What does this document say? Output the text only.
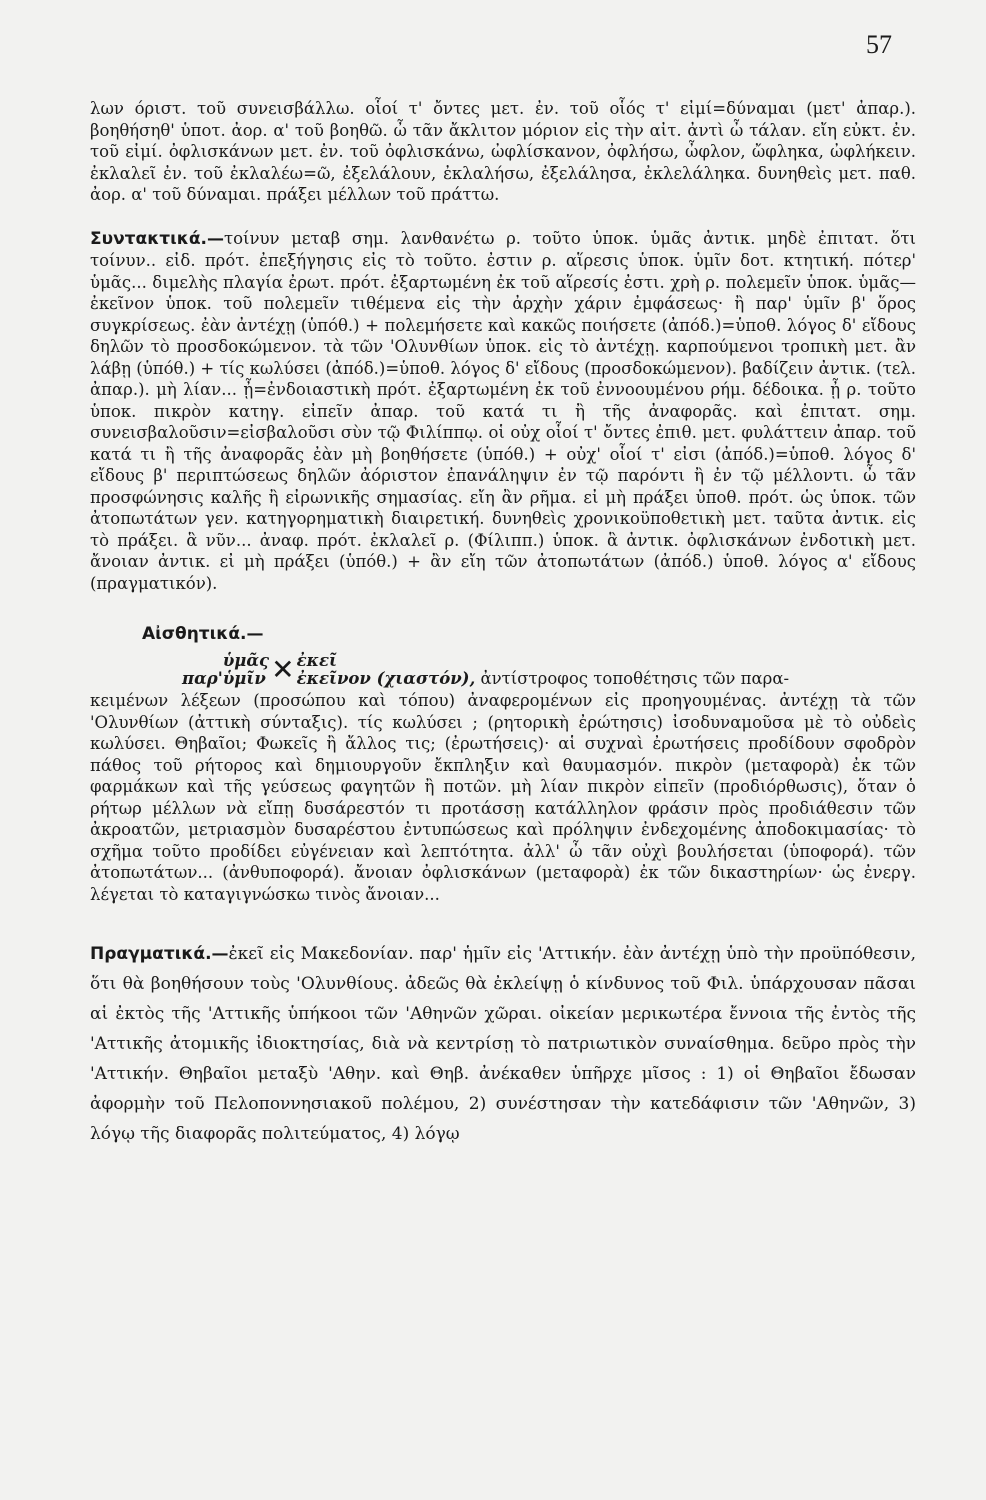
57

λων όριστ. τοῦ συνεισβάλλω. οἷοί τ' ὄντες μετ. ἐν. τοῦ οἷός τ' εἰμί=δύναμαι (μετ' ἀπαρ.). βοηθήσηθ' ὑποτ. ἀορ. α' τοῦ βοηθῶ. ὦ τᾶν ἄκλιτον μόριον εἰς τὴν αἰτ. ἀντὶ ὦ τάλαν. εἴη εὐκτ. ἐν. τοῦ εἰμί. ὀφλισκάνων μετ. ἐν. τοῦ ὀφλισκάνω, ὠφλίσκανον, ὀφλήσω, ὦφλον, ὤφληκα, ὠφλήκειν. ἐκλαλεῖ ἐν. τοῦ ἐκλαλέω=ῶ, ἐξελάλουν, ἐκλαλήσω, ἐξελάλησα, ἐκλελάληκα. δυνηθεὶς μετ. παθ. ἀορ. α' τοῦ δύναμαι. πράξει μέλλων τοῦ πράττω.

Συντακτικά.—τοίνυν μεταβ σημ. λανθανέτω ρ. τοῦτο ὑποκ. ὑμᾶς ἀντικ. μηδὲ ἐπιτατ. ὅτι τοίνυν.. εἰδ. πρότ. ἐπεξήγησις εἰς τὸ τοῦτο. ἐστιν ρ. αἵρεσις ὑποκ. ὑμῖν δοτ. κτητική. πότερ' ὑμᾶς... διμελὴς πλαγία ἐρωτ. πρότ. ἐξαρτωμένη ἐκ τοῦ αἵρεσίς ἐστι. χρὴ ρ. πολεμεῖν ὑποκ. ὑμᾶς—ἐκεῖνον ὑποκ. τοῦ πολεμεῖν τιθέμενα εἰς τὴν ἀρχὴν χάριν ἐμφάσεως· ἢ παρ' ὑμῖν β' ὅρος συγκρίσεως. ἐὰν ἀντέχῃ (ὑπόθ.) + πολεμήσετε καὶ κακῶς ποιήσετε (ἀπόδ.)=ὑποθ. λόγος δ' εἴδους δηλῶν τὸ προσδοκώμενον. τὰ τῶν 'Ολυνθίων ὑποκ. εἰς τὸ ἀντέχῃ. καρπούμενοι τροπικὴ μετ. ἂν λάβῃ (ὑπόθ.) + τίς κωλύσει (ἀπόδ.)=ὑποθ. λόγος δ' εἴδους (προσδοκώμενον). βαδίζειν ἀντικ. (τελ. ἀπαρ.). μὴ λίαν... ᾖ=ἐνδοιαστικὴ πρότ. ἐξαρτωμένη ἐκ τοῦ ἐννοουμένου ρήμ. δέδοικα. ᾖ ρ. τοῦτο ὑποκ. πικρὸν κατηγ. εἰπεῖν ἀπαρ. τοῦ κατά τι ἢ τῆς ἀναφορᾶς. καὶ ἐπιτατ. σημ. συνεισβαλοῦσιν=εἰσβαλοῦσι σὺν τῷ Φιλίππῳ. οἱ οὐχ οἷοί τ' ὄντες ἐπιθ. μετ. φυλάττειν ἀπαρ. τοῦ κατά τι ἢ τῆς ἀναφορᾶς ἐὰν μὴ βοηθήσετε (ὑπόθ.) + οὐχ' οἷοί τ' εἰσι (ἀπόδ.)=ὑποθ. λόγος δ' εἴδους β' περιπτώσεως δηλῶν ἀόριστον ἐπανάληψιν ἐν τῷ παρόντι ἢ ἐν τῷ μέλλοντι. ὦ τᾶν προσφώνησις καλῆς ἢ εἰρωνικῆς σημασίας. εἴη ἂν ρῆμα. εἰ μὴ πράξει ὑποθ. πρότ. ὡς ὑποκ. τῶν ἀτοπωτάτων γεν. κατηγορηματικὴ διαιρετική. δυνηθεὶς χρονικοϋποθετικὴ μετ. ταῦτα ἀντικ. εἰς τὸ πράξει. ἃ νῦν... ἀναφ. πρότ. ἐκλαλεῖ ρ. (Φίλιππ.) ὑποκ. ἃ ἀντικ. ὀφλισκάνων ἐνδοτικὴ μετ. ἄνοιαν ἀντικ. εἰ μὴ πράξει (ὑπόθ.) + ἂν εἴη τῶν ἀτοπωτάτων (ἀπόδ.) ὑποθ. λόγος α' εἴδους (πραγματικόν).

Αἰσθητικά.—
παρ'
ὑμᾶς
ὑμῖν ✕ ἐκεῖ
ἐκεῖνον (χιαστόν), ἀντίστροφος τοποθέτησις τῶν παρα-

κειμένων λέξεων (προσώπου καὶ τόπου) ἀναφερομένων εἰς προηγουμένας. ἀντέχῃ τὰ τῶν 'Ολυνθίων (ἀττικὴ σύνταξις). τίς κωλύσει ; (ρητορικὴ ἐρώτησις) ἰσοδυναμοῦσα μὲ τὸ οὐδεὶς κωλύσει. Θηβαῖοι; Φωκεῖς ἢ ἄλλος τις; (ἐρωτήσεις)· αἱ συχναὶ ἐρωτήσεις προδίδουν σφοδρὸν πάθος τοῦ ρήτορος καὶ δημιουργοῦν ἔκπληξιν καὶ θαυμασμόν. πικρὸν (μεταφορὰ) ἐκ τῶν φαρμάκων καὶ τῆς γεύσεως φαγητῶν ἢ ποτῶν. μὴ λίαν πικρὸν εἰπεῖν (προδιόρθωσις), ὅταν ὁ ρήτωρ μέλλων νὰ εἴπῃ δυσάρεστόν τι προτάσσῃ κατάλληλον φράσιν πρὸς προδιάθεσιν τῶν ἀκροατῶν, μετριασμὸν δυσαρέστου ἐντυπώσεως καὶ πρόληψιν ἐνδεχομένης ἀποδοκιμασίας· τὸ σχῆμα τοῦτο προδίδει εὐγένειαν καὶ λεπτότητα. ἀλλ' ὦ τᾶν οὐχὶ βουλήσεται (ὑποφορά). τῶν ἀτοπωτάτων... (ἀνθυποφορά). ἄνοιαν ὀφλισκάνων (μεταφορὰ) ἐκ τῶν δικαστηρίων· ὡς ἐνεργ. λέγεται τὸ καταγιγνώσκω τινὸς ἄνοιαν...

Πραγματικά.—ἐκεῖ εἰς Μακεδονίαν. παρ' ἡμῖν εἰς 'Αττικήν. ἐὰν ἀντέχῃ ὑπὸ τὴν προϋπόθεσιν, ὅτι θὰ βοηθήσουν τοὺς 'Ολυνθίους. ἀδεῶς θὰ ἐκλείψῃ ὁ κίνδυνος τοῦ Φιλ. ὑπάρχουσαν πᾶσαι αἱ ἐκτὸς τῆς 'Αττικῆς ὑπήκοοι τῶν 'Αθηνῶν χῶραι. οἰκείαν μερικωτέρα ἔννοια τῆς ἐντὸς τῆς 'Αττικῆς ἀτομικῆς ἰδιοκτησίας, διὰ νὰ κεντρίσῃ τὸ πατριωτικὸν συναίσθημα. δεῦρο πρὸς τὴν 'Αττικήν. Θηβαῖοι μεταξὺ 'Αθην. καὶ Θηβ. ἀνέκαθεν ὑπῆρχε μῖσος : 1) οἱ Θηβαῖοι ἔδωσαν ἀφορμὴν τοῦ Πελοποννησιακοῦ πολέμου, 2) συνέστησαν τὴν κατεδάφισιν τῶν 'Αθηνῶν, 3) λόγῳ τῆς διαφορᾶς πολιτεύματος, 4) λόγῳ
